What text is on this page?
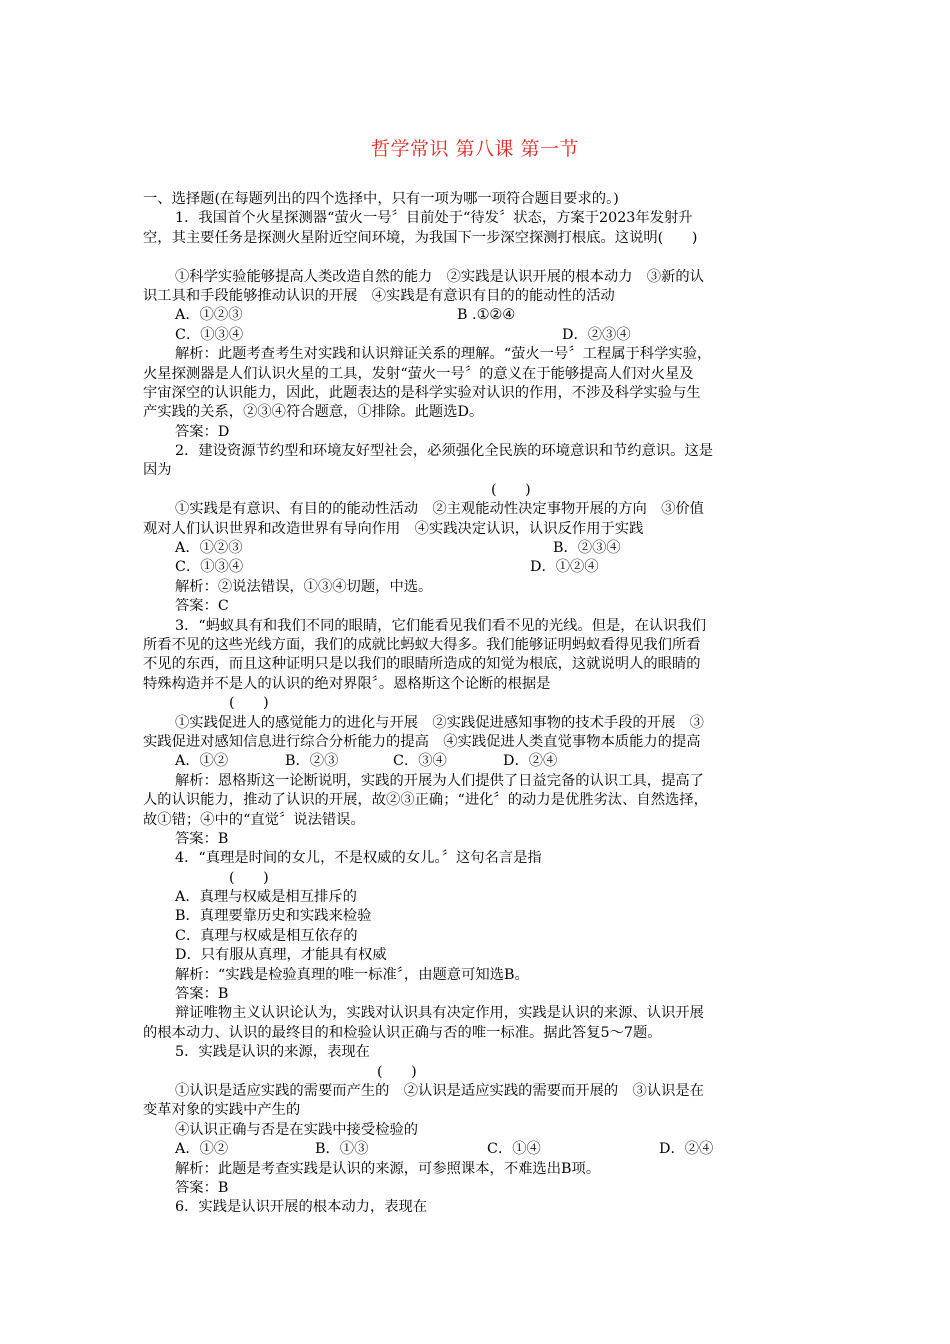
哲学常识 第八课 第一节
一、选择题(在每题列出的四个选择中，只有一项为哪一项符合题目要求的。)
1．我国首个火星探测器“萤火一号〞目前处于“待发〞状态，方案于2023年发射升
空，其主要任务是探测火星附近空间环境，为我国下一步深空探测打根底。这说明(　　)
①科学实验能够提高人类改造自然的能力　②实践是认识开展的根本动力　③新的认
识工具和手段能够推动认识的开展　④实践是有意识有目的的能动性的活动
A．①②③	B .①②④
C．①③④	D．②③④
解析：此题考查考生对实践和认识辩证关系的理解。“萤火一号〞工程属于科学实验，
火星探测器是人们认识火星的工具，发射“萤火一号〞的意义在于能够提高人们对火星及
宇宙深空的认识能力，因此，此题表达的是科学实验对认识的作用，不涉及科学实验与生
产实践的关系，②③④符合题意，①排除。此题选D。
答案：D
2．建设资源节约型和环境友好型社会，必须强化全民族的环境意识和节约意识。这是
因为
(　　)
①实践是有意识、有目的的能动性活动　②主观能动性决定事物开展的方向　③价值
观对人们认识世界和改造世界有导向作用　④实践决定认识，认识反作用于实践
A．①②③	B．②③④
C．①③④	D．①②④
解析：②说法错误，①③④切题，中选。
答案：C
3．“蚂蚁具有和我们不同的眼睛，它们能看见我们看不见的光线。但是，在认识我们
所看不见的这些光线方面，我们的成就比蚂蚁大得多。我们能够证明蚂蚁看得见我们所看
不见的东西，而且这种证明只是以我们的眼睛所造成的知觉为根底，这就说明人的眼睛的
特殊构造并不是人的认识的绝对界限〞。恩格斯这个论断的根据是
(　　)
①实践促进人的感觉能力的进化与开展　②实践促进感知事物的技术手段的开展　③
实践促进对感知信息进行综合分析能力的提高　④实践促进人类直觉事物本质能力的提高
A．①②	B．②③	C．③④	D．②④
解析：恩格斯这一论断说明，实践的开展为人们提供了日益完备的认识工具，提高了
人的认识能力，推动了认识的开展，故②③正确；“进化〞的动力是优胜劣汰、自然选择，
故①错；④中的“直觉〞说法错误。
答案：B
4．“真理是时间的女儿，不是权威的女儿。〞这句名言是指
(　　)
A．真理与权威是相互排斥的
B．真理要靠历史和实践来检验
C．真理与权威是相互依存的
D．只有服从真理，才能具有权威
解析：“实践是检验真理的唯一标准〞，由题意可知选B。
答案：B
辩证唯物主义认识论认为，实践对认识具有决定作用，实践是认识的来源、认识开展
的根本动力、认识的最终目的和检验认识正确与否的唯一标准。据此答复5～7题。
5．实践是认识的来源，表现在
(　　)
①认识是适应实践的需要而产生的　②认识是适应实践的需要而开展的　③认识是在
变革对象的实践中产生的
④认识正确与否是在实践中接受检验的
A．①②	B．①③	C．①④	D．②④
解析：此题是考查实践是认识的来源，可参照课本，不难选出B项。
答案：B
6．实践是认识开展的根本动力，表现在
